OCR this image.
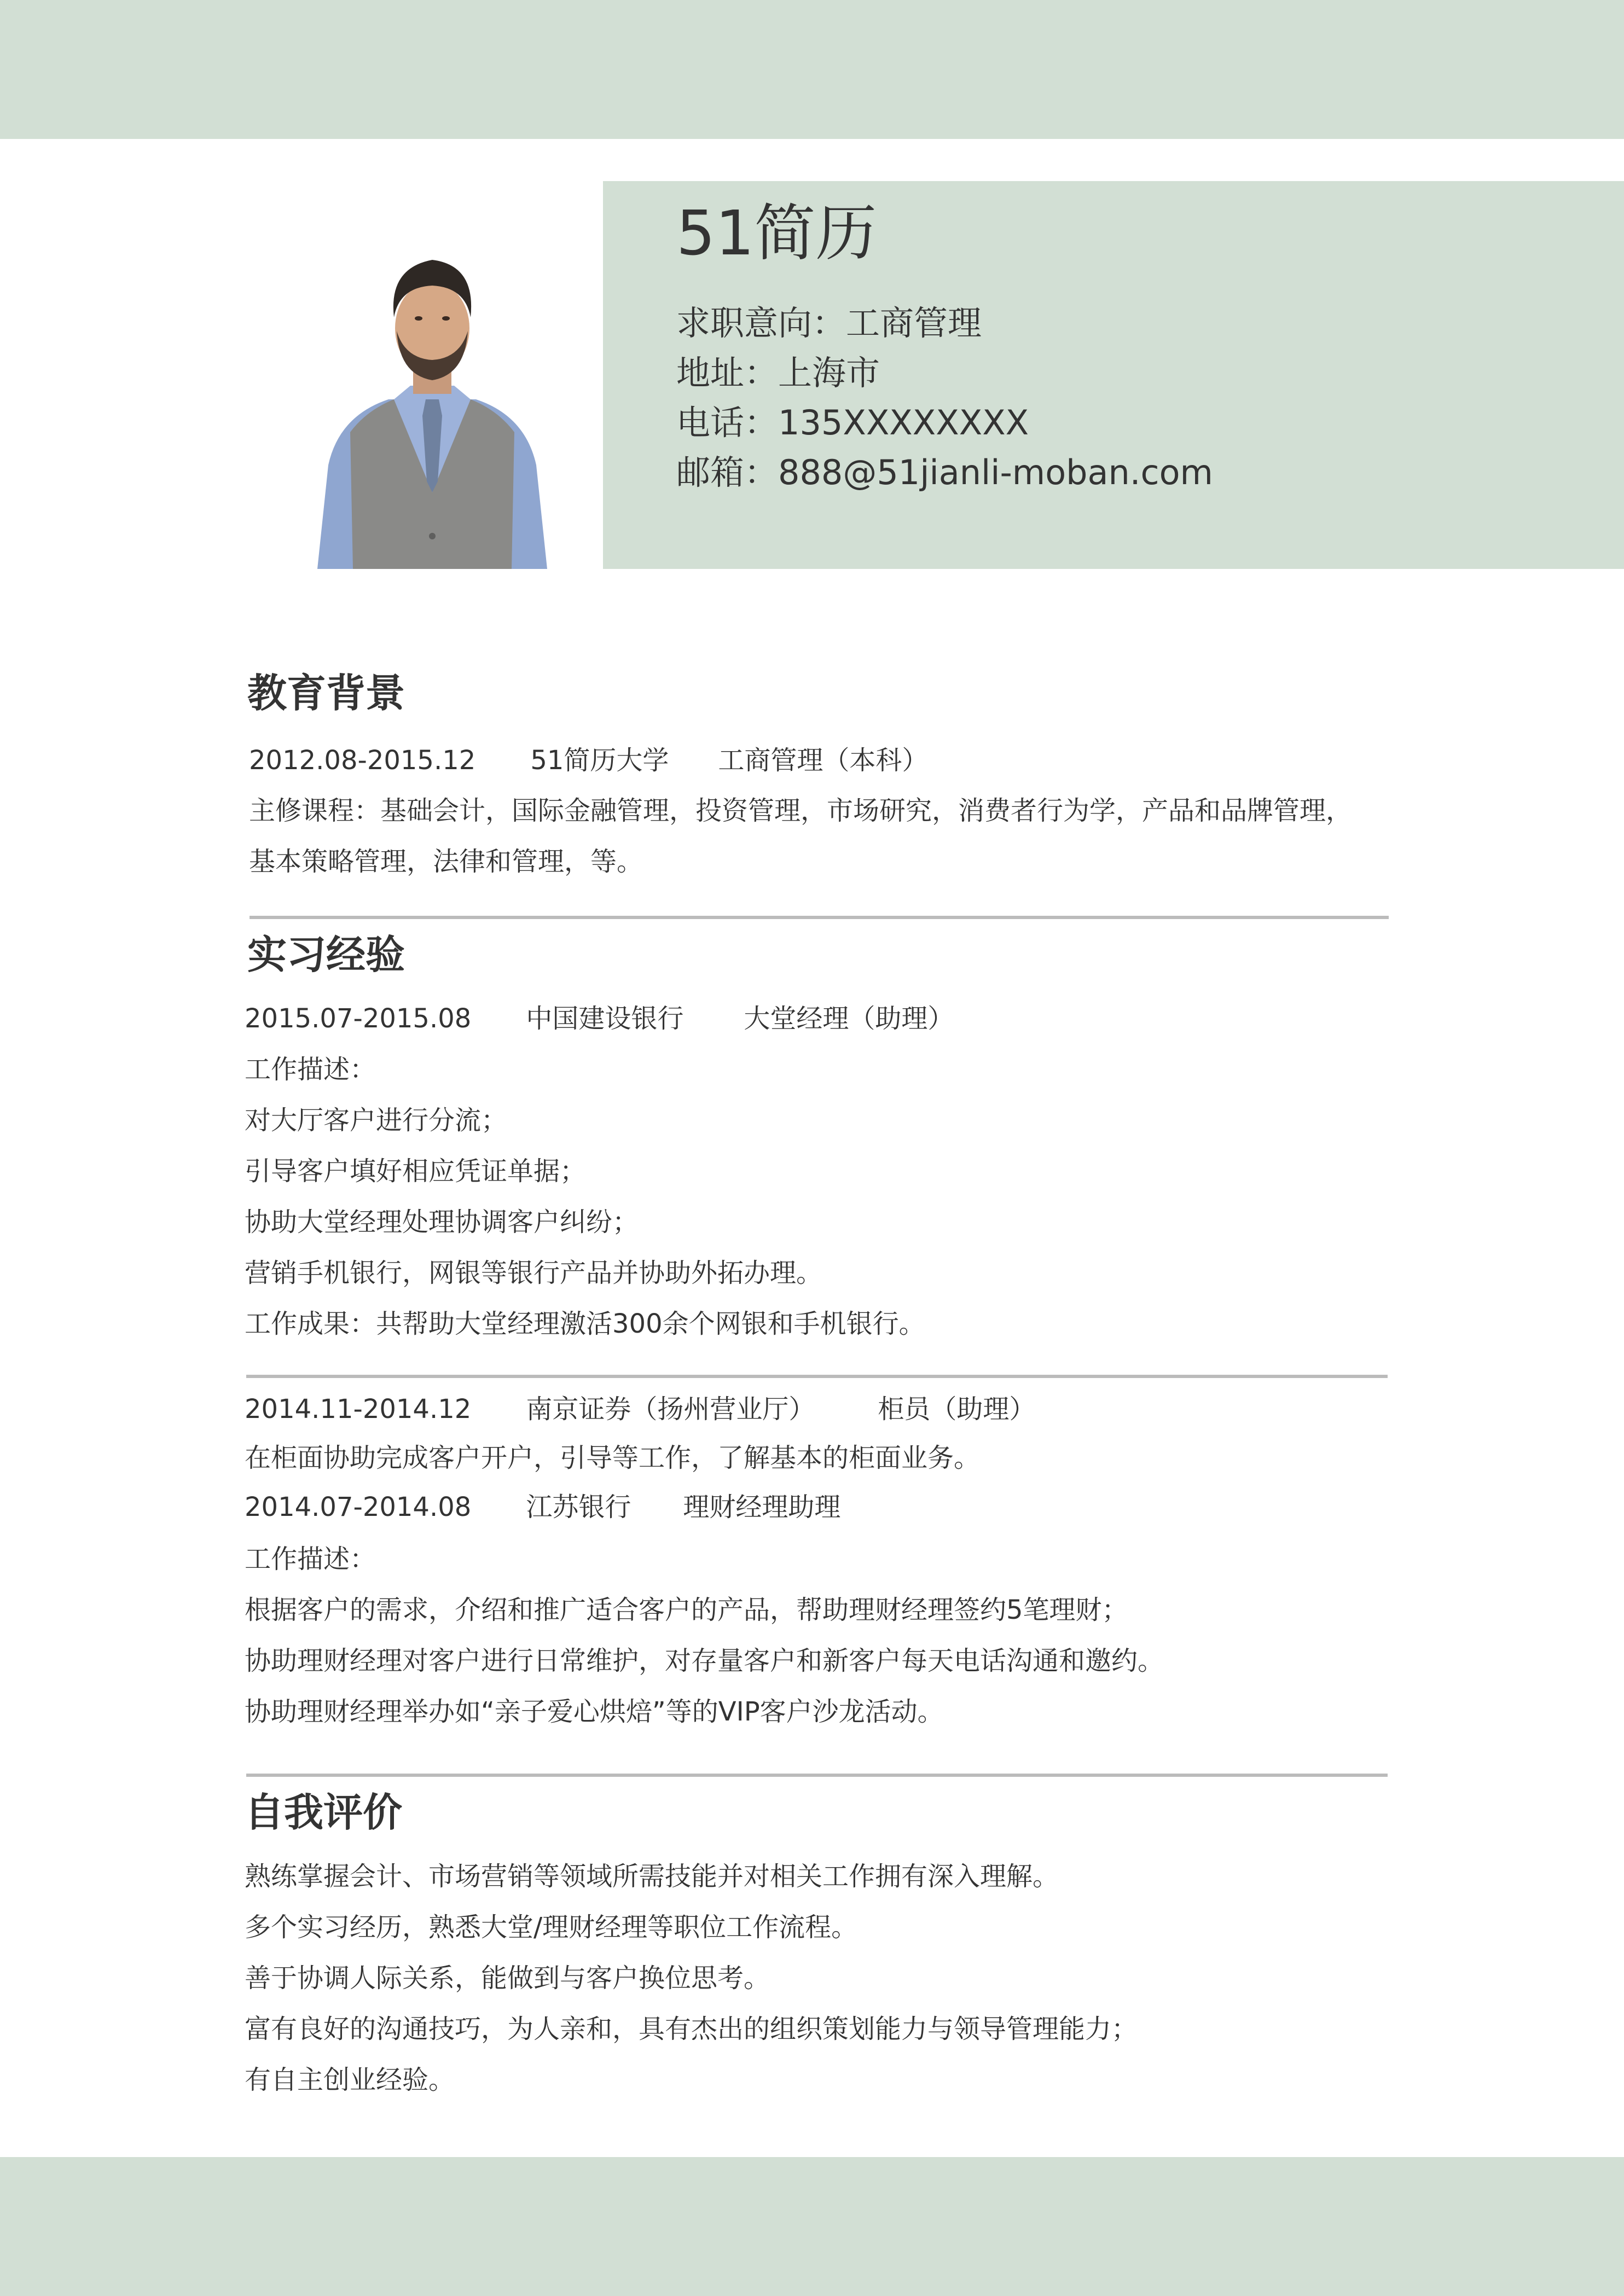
51简历
求职意向：工商管理
地址：上海市
电话：135XXXXXXXX
邮箱：888@51jianli-moban.com
教育背景
2012.08-2015.12 51简历大学 工商管理（本科）
主修课程：基础会计，国际金融管理，投资管理，市场研究，消费者行为学，产品和品牌管理，
基本策略管理，法律和管理，等。
实习经验
2015.07-2015.08 中国建设银行 大堂经理（助理）
工作描述：
对大厅客户进行分流；
引导客户填好相应凭证单据；
协助大堂经理处理协调客户纠纷；
营销手机银行，网银等银行产品并协助外拓办理。
工作成果：共帮助大堂经理激活300余个网银和手机银行。
2014.11-2014.12 南京证券（扬州营业厅） 柜员（助理）
在柜面协助完成客户开户，引导等工作，了解基本的柜面业务。
2014.07-2014.08 江苏银行 理财经理助理
工作描述：
根据客户的需求，介绍和推广适合客户的产品，帮助理财经理签约5笔理财；
协助理财经理对客户进行日常维护，对存量客户和新客户每天电话沟通和邀约。
协助理财经理举办如“亲子爱心烘焙”等的VIP客户沙龙活动。
自我评价
熟练掌握会计、市场营销等领域所需技能并对相关工作拥有深入理解。
多个实习经历，熟悉大堂/理财经理等职位工作流程。
善于协调人际关系，能做到与客户换位思考。
富有良好的沟通技巧，为人亲和，具有杰出的组织策划能力与领导管理能力；
有自主创业经验。
